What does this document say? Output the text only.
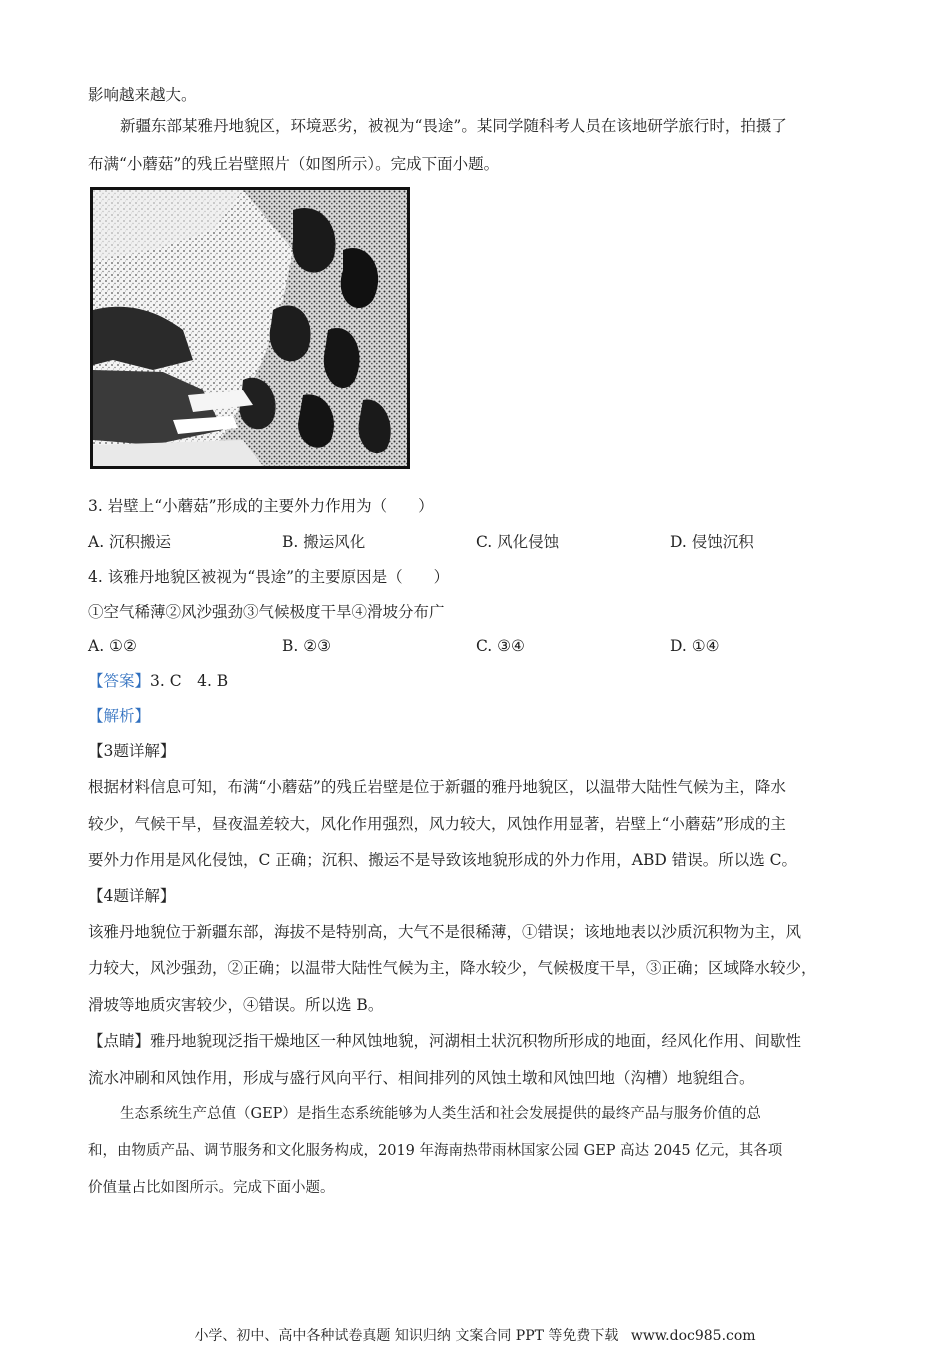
影响越来越大。
新疆东部某雅丹地貌区，环境恶劣，被视为“畏途”。某同学随科考人员在该地研学旅行时，拍摄了
布满“小蘑菇”的残丘岩壁照片（如图所示）。完成下面小题。
3. 岩壁上“小蘑菇”形成的主要外力作用为（　　）
A. 沉积搬运	B. 搬运风化	C. 风化侵蚀	D. 侵蚀沉积
4. 该雅丹地貌区被视为“畏途”的主要原因是（　　）
①空气稀薄②风沙强劲③气候极度干旱④滑坡分布广
A. ①②	B. ②③	C. ③④	D. ①④
【答案】3. C　4. B
【解析】
【3题详解】
根据材料信息可知，布满“小蘑菇”的残丘岩壁是位于新疆的雅丹地貌区，以温带大陆性气候为主，降水
较少，气候干旱，昼夜温差较大，风化作用强烈，风力较大，风蚀作用显著，岩壁上“小蘑菇”形成的主
要外力作用是风化侵蚀，C 正确；沉积、搬运不是导致该地貌形成的外力作用，ABD 错误。所以选 C。
【4题详解】
该雅丹地貌位于新疆东部，海拔不是特别高，大气不是很稀薄，①错误；该地地表以沙质沉积物为主，风
力较大，风沙强劲，②正确；以温带大陆性气候为主，降水较少，气候极度干旱，③正确；区域降水较少，
滑坡等地质灾害较少，④错误。所以选 B。
【点睛】雅丹地貌现泛指干燥地区一种风蚀地貌，河湖相土状沉积物所形成的地面，经风化作用、间歇性
流水冲刷和风蚀作用，形成与盛行风向平行、相间排列的风蚀土墩和风蚀凹地（沟槽）地貌组合。
生态系统生产总值（GEP）是指生态系统能够为人类生活和社会发展提供的最终产品与服务价值的总
和，由物质产品、调节服务和文化服务构成，2019 年海南热带雨林国家公园 GEP 高达 2045 亿元，其各项
价值量占比如图所示。完成下面小题。
小学、初中、高中各种试卷真题 知识归纳 文案合同 PPT 等免费下载 www.doc985.com
